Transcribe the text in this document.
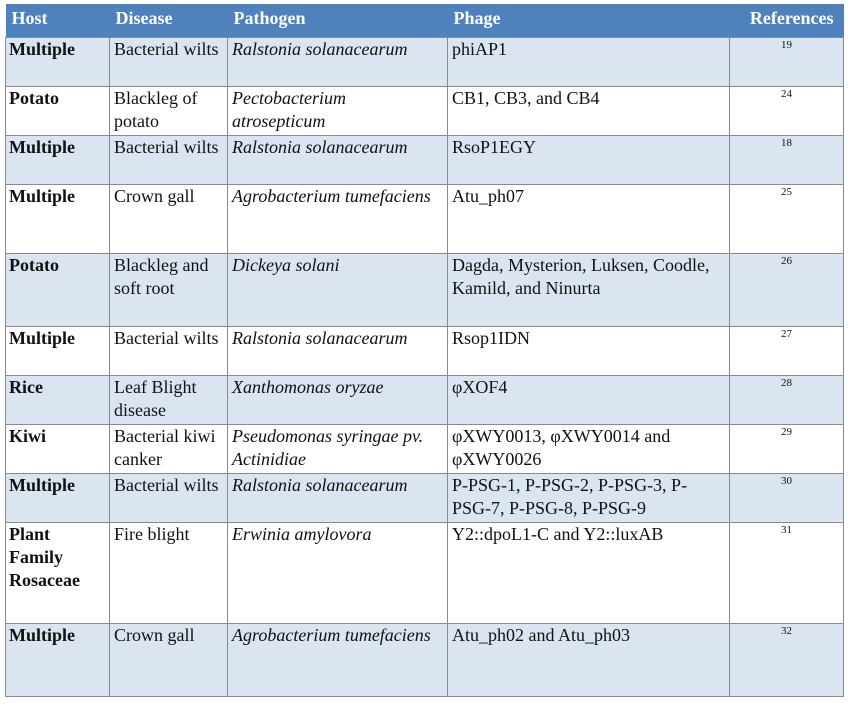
Host	Disease	Pathogen	Phage	References
Multiple	Bacterial wilts	Ralstonia solanacearum	phiAP1	19
Potato	Blackleg of potato	Pectobacterium atrosepticum	CB1, CB3, and CB4	24
Multiple	Bacterial wilts	Ralstonia solanacearum	RsoP1EGY	18
Multiple	Crown gall	Agrobacterium tumefaciens	Atu_ph07	25
Potato	Blackleg and soft root	Dickeya solani	Dagda, Mysterion, Luksen, Coodle, Kamild, and Ninurta	26
Multiple	Bacterial wilts	Ralstonia solanacearum	Rsop1IDN	27
Rice	Leaf Blight disease	Xanthomonas oryzae	φXOF4	28
Kiwi	Bacterial kiwi canker	Pseudomonas syringae pv. Actinidiae	φXWY0013, φXWY0014 and φXWY0026	29
Multiple	Bacterial wilts	Ralstonia solanacearum	P-PSG-1, P-PSG-2, P-PSG-3, P-PSG-7, P-PSG-8, P-PSG-9	30
Plant Family Rosaceae	Fire blight	Erwinia amylovora	Y2::dpoL1-C and Y2::luxAB	31
Multiple	Crown gall	Agrobacterium tumefaciens	Atu_ph02 and Atu_ph03	32
